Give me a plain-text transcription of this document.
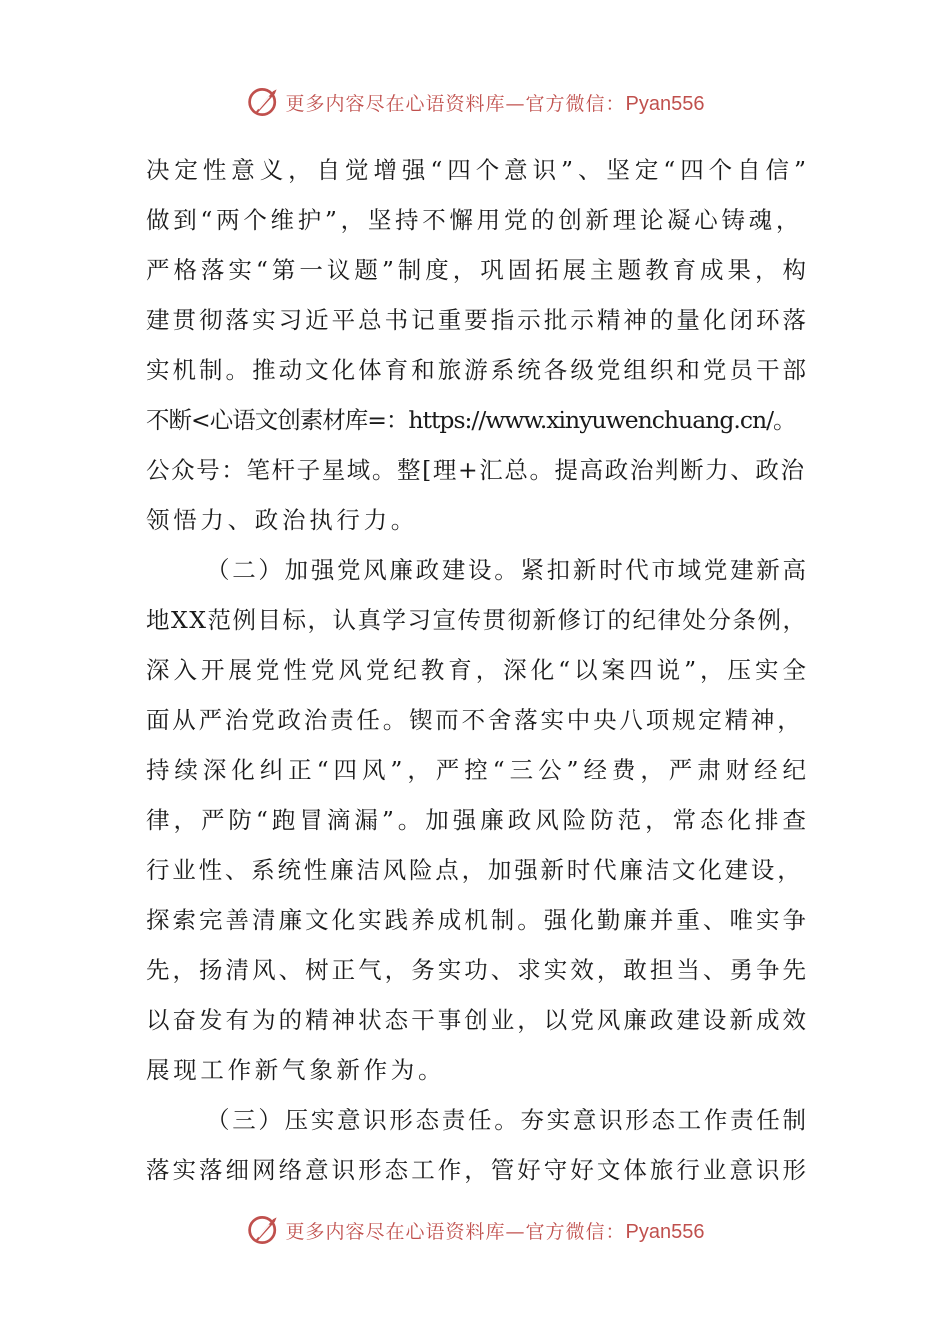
更多内容尽在心语资料库—官方微信：Pyan556

决定性意义，自觉增强“四个意识”、坚定“四个自信”

做到“两个维护”，坚持不懈用党的创新理论凝心铸魂，

严格落实“第一议题”制度，巩固拓展主题教育成果，构

建贯彻落实习近平总书记重要指示批示精神的量化闭环落

实机制。推动文化体育和旅游系统各级党组织和党员干部

不断<心语文创素材库=：https://www.xinyuwenchuang.cn/。

公众号：笔杆子星域。整[理+汇总。提高政治判断力、政治

领悟力、政治执行力。

（二）加强党风廉政建设。紧扣新时代市域党建新高

地XX范例目标，认真学习宣传贯彻新修订的纪律处分条例，

深入开展党性党风党纪教育，深化“以案四说”，压实全

面从严治党政治责任。锲而不舍落实中央八项规定精神，

持续深化纠正“四风”，严控“三公”经费，严肃财经纪

律，严防“跑冒滴漏”。加强廉政风险防范，常态化排查

行业性、系统性廉洁风险点，加强新时代廉洁文化建设，

探索完善清廉文化实践养成机制。强化勤廉并重、唯实争

先，扬清风、树正气，务实功、求实效，敢担当、勇争先

以奋发有为的精神状态干事创业，以党风廉政建设新成效

展现工作新气象新作为。

（三）压实意识形态责任。夯实意识形态工作责任制

落实落细网络意识形态工作，管好守好文体旅行业意识形

更多内容尽在心语资料库—官方微信：Pyan556
